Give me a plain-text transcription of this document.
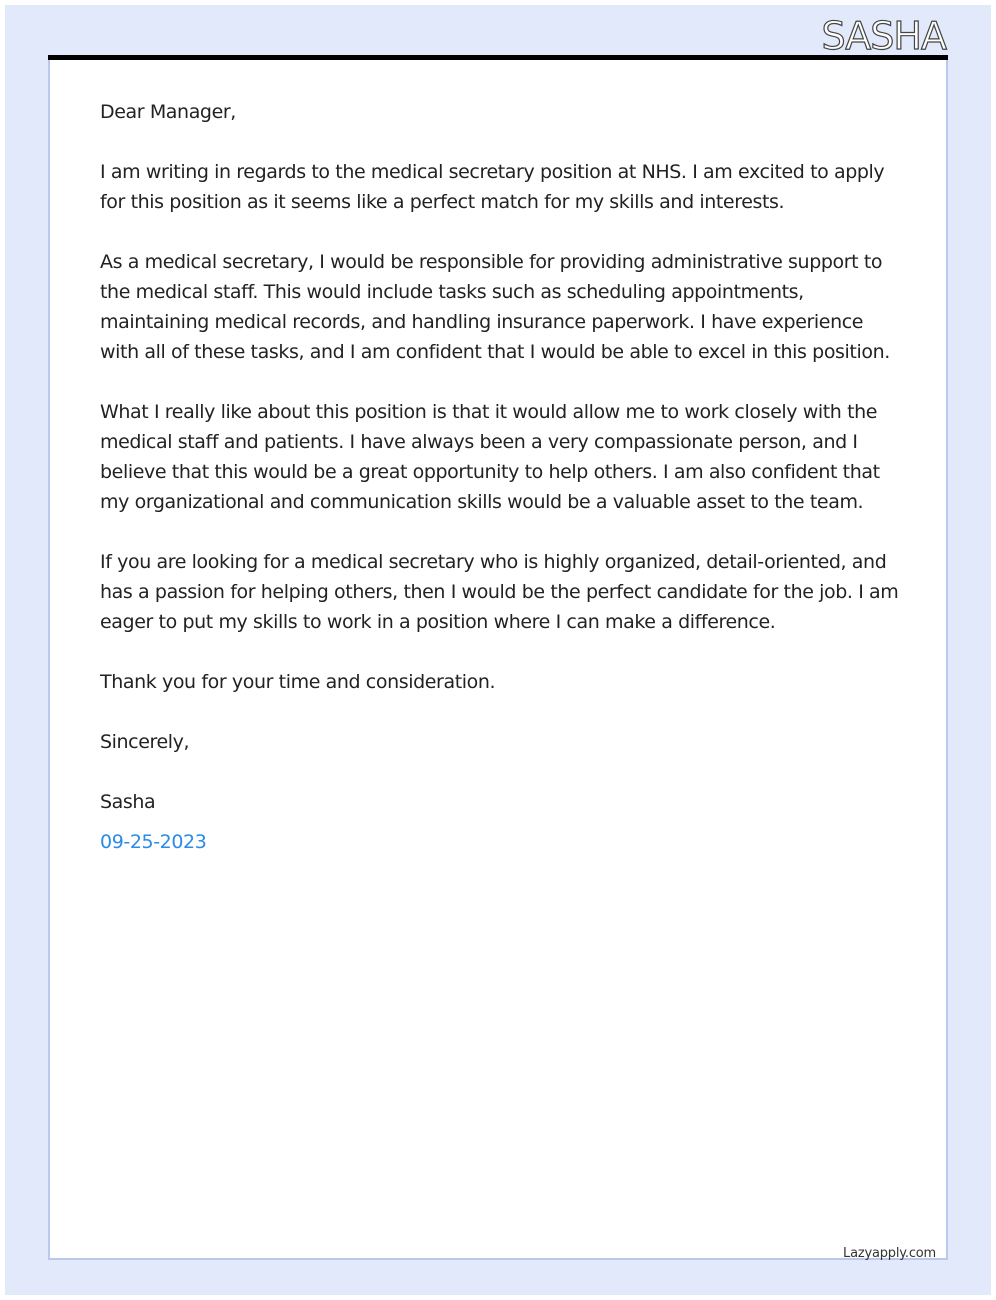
SASHA

Dear Manager,

I am writing in regards to the medical secretary position at NHS. I am excited to apply for this position as it seems like a perfect match for my skills and interests.

As a medical secretary, I would be responsible for providing administrative support to the medical staff. This would include tasks such as scheduling appointments, maintaining medical records, and handling insurance paperwork. I have experience with all of these tasks, and I am confident that I would be able to excel in this position.

What I really like about this position is that it would allow me to work closely with the medical staff and patients. I have always been a very compassionate person, and I believe that this would be a great opportunity to help others. I am also confident that my organizational and communication skills would be a valuable asset to the team.

If you are looking for a medical secretary who is highly organized, detail-oriented, and has a passion for helping others, then I would be the perfect candidate for the job. I am eager to put my skills to work in a position where I can make a difference.

Thank you for your time and consideration.

Sincerely,

Sasha

09-25-2023

Lazyapply.com
